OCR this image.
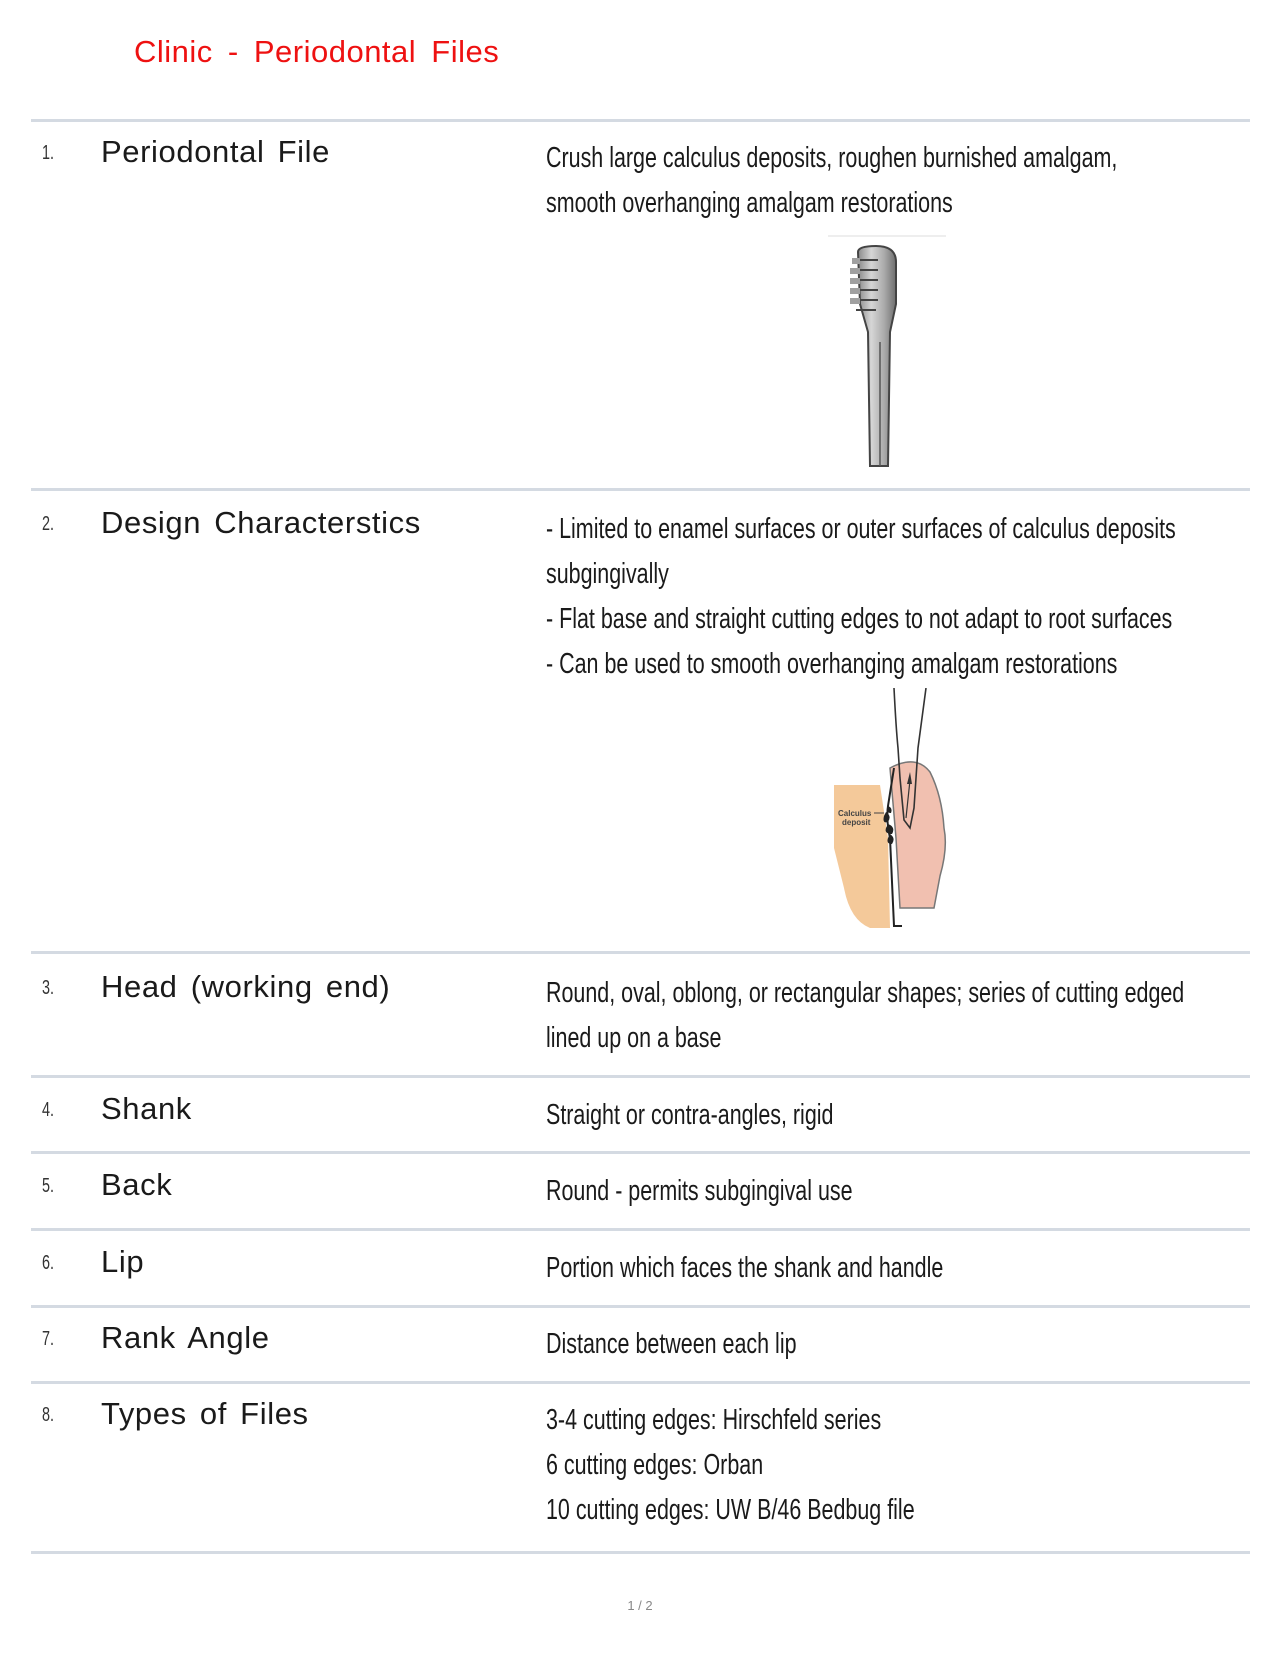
Clinic - Periodontal Files
1.	Periodontal File	Crush large calculus deposits, roughen burnished amalgam,
smooth overhanging amalgam restorations
2.	Design Characterstics	- Limited to enamel surfaces or outer surfaces of calculus deposits
subgingivally
- Flat base and straight cutting edges to not adapt to root surfaces
- Can be used to smooth overhanging amalgam restorations
Calculus
deposit
3.	Head (working end)	Round, oval, oblong, or rectangular shapes; series of cutting edged
lined up on a base
4.	Shank	Straight or contra-angles, rigid
5.	Back	Round - permits subgingival use
6.	Lip	Portion which faces the shank and handle
7.	Rank Angle	Distance between each lip
8.	Types of Files	3-4 cutting edges: Hirschfeld series
6 cutting edges: Orban
10 cutting edges: UW B/46 Bedbug file
1 / 2
